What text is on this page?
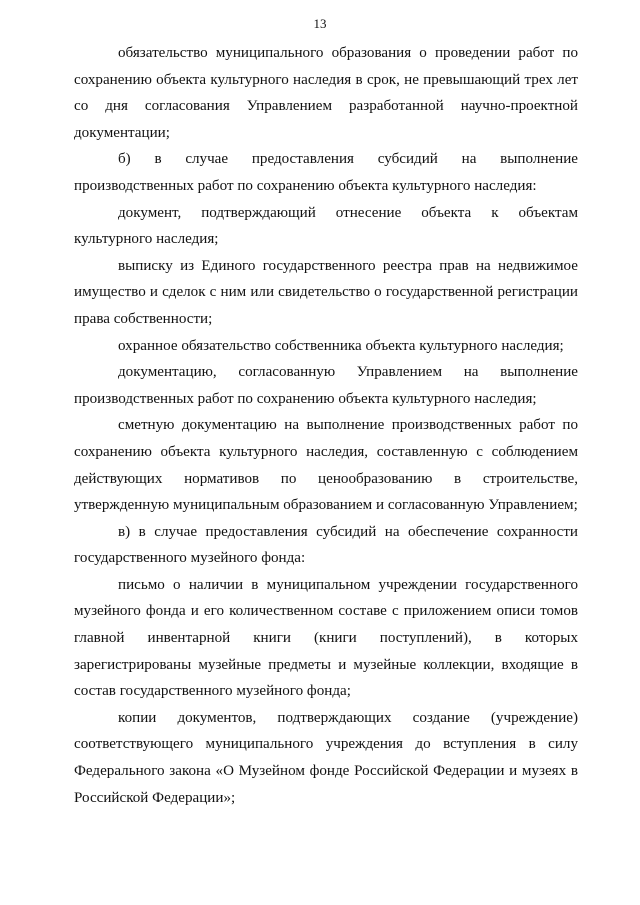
13

обязательство муниципального образования о проведении работ по сохранению объекта культурного наследия в срок, не превышающий трех лет со дня согласования Управлением разработанной научно-проектной документации;

б) в случае предоставления субсидий на выполнение производственных работ по сохранению объекта культурного наследия:

документ, подтверждающий отнесение объекта к объектам культурного наследия;

выписку из Единого государственного реестра прав на недвижимое имущество и сделок с ним или свидетельство о государственной регистрации права собственности;

охранное обязательство собственника объекта культурного наследия;

документацию, согласованную Управлением на выполнение производственных работ по сохранению объекта культурного наследия;

сметную документацию на выполнение производственных работ по сохранению объекта культурного наследия, составленную с соблюдением действующих нормативов по ценообразованию в строительстве, утвержденную муниципальным образованием и согласованную Управлением;

в) в случае предоставления субсидий на обеспечение сохранности государственного музейного фонда:

письмо о наличии в муниципальном учреждении государственного музейного фонда и его количественном составе с приложением описи томов главной инвентарной книги (книги поступлений), в которых зарегистрированы музейные предметы и музейные коллекции, входящие в состав государственного музейного фонда;

копии документов, подтверждающих создание (учреждение) соответствующего муниципального учреждения до вступления в силу Федерального закона «О Музейном фонде Российской Федерации и музеях в Российской Федерации»;
